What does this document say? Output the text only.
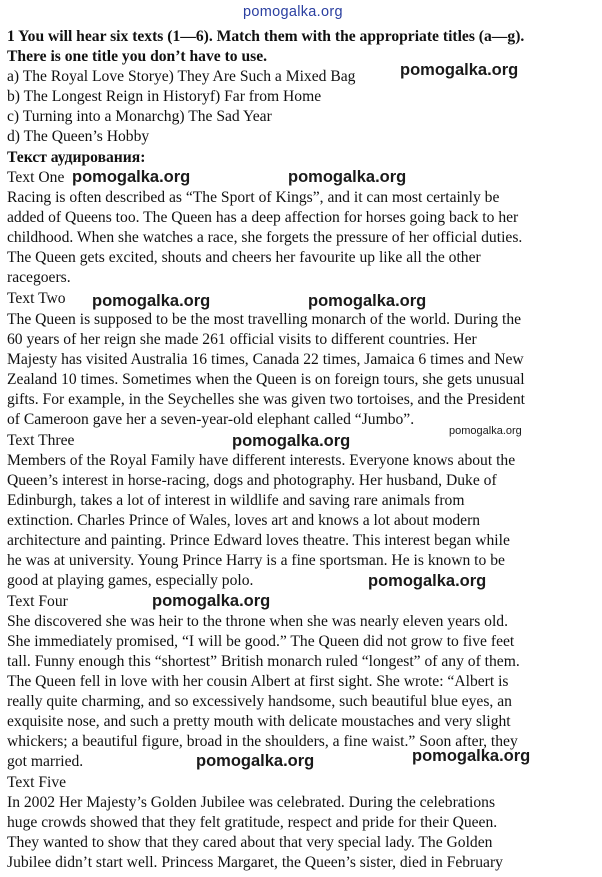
pomogalka.org
1 You will hear six texts (1—6). Match them with the appropriate titles (a—g).
There is one title you don’t have to use.
a) The Royal Love Storye) They Are Such a Mixed Bag
b) The Longest Reign in Historyf) Far from Home
c) Turning into a Monarchg) The Sad Year
d) The Queen’s Hobby
Текст аудирования:
Text One
Racing is often described as “The Sport of Kings”, and it can most certainly be
added of Queens too. The Queen has a deep affection for horses going back to her
childhood. When she watches a race, she forgets the pressure of her official duties.
The Queen gets excited, shouts and cheers her favourite up like all the other
racegoers.
Text Two
The Queen is supposed to be the most travelling monarch of the world. During the
60 years of her reign she made 261 official visits to different countries. Her
Majesty has visited Australia 16 times, Canada 22 times, Jamaica 6 times and New
Zealand 10 times. Sometimes when the Queen is on foreign tours, she gets unusual
gifts. For example, in the Seychelles she was given two tortoises, and the President
of Cameroon gave her a seven-year-old elephant called “Jumbo”.
Text Three
Members of the Royal Family have different interests. Everyone knows about the
Queen’s interest in horse-racing, dogs and photography. Her husband, Duke of
Edinburgh, takes a lot of interest in wildlife and saving rare animals from
extinction. Charles Prince of Wales, loves art and knows a lot about modern
architecture and painting. Prince Edward loves theatre. This interest began while
he was at university. Young Prince Harry is a fine sportsman. He is known to be
good at playing games, especially polo.
Text Four
She discovered she was heir to the throne when she was nearly eleven years old.
She immediately promised, “I will be good.” The Queen did not grow to five feet
tall. Funny enough this “shortest” British monarch ruled “longest” of any of them.
The Queen fell in love with her cousin Albert at first sight. She wrote: “Albert is
really quite charming, and so excessively handsome, such beautiful blue eyes, an
exquisite nose, and such a pretty mouth with delicate moustaches and very slight
whickers; a beautiful figure, broad in the shoulders, a fine waist.” Soon after, they
got married.
Text Five
In 2002 Her Majesty’s Golden Jubilee was celebrated. During the celebrations
huge crowds showed that they felt gratitude, respect and pride for their Queen.
They wanted to show that they cared about that very special lady. The Golden
Jubilee didn’t start well. Princess Margaret, the Queen’s sister, died in February
pomogalka.org
pomogalka.org	pomogalka.org
pomogalka.org	pomogalka.org
pomogalka.org
pomogalka.org
pomogalka.org
pomogalka.org
pomogalka.org
pomogalka.org
